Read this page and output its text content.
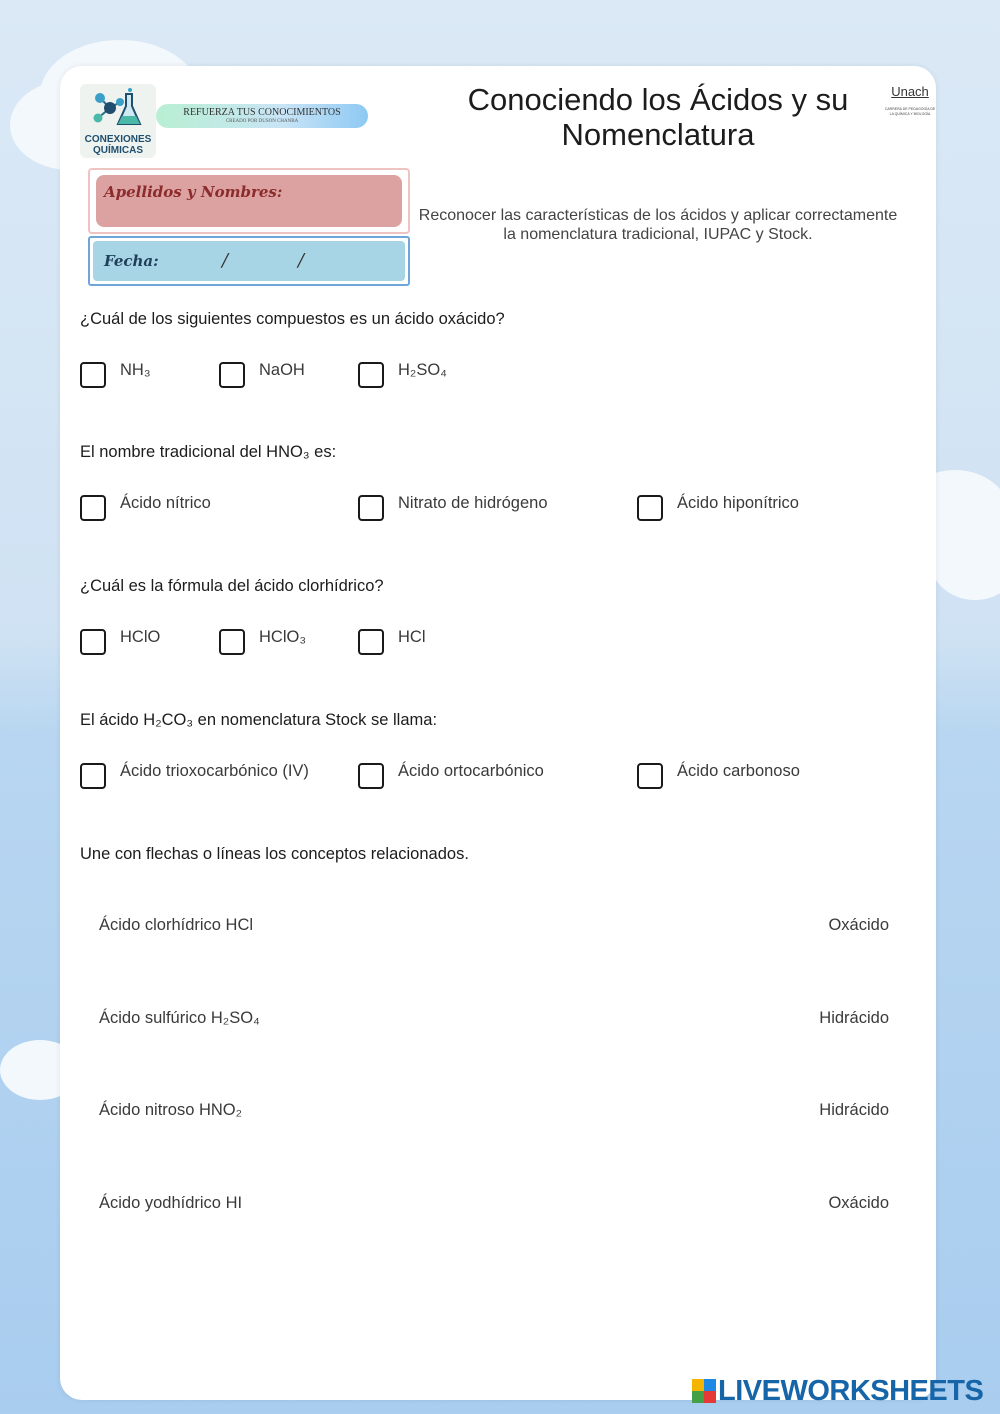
CONEXIONES QUÍMICAS
REFUERZA TUS CONOCIMIENTOS
CREADO POR DUSON CHANBA
Conociendo los Ácidos y su Nomenclatura
Unach
CARRERA DE PEDAGOGÍA DE LA QUÍMICA Y BIOLOGÍA
Apellidos y Nombres:
Fecha:	/	/
Reconocer las características de los ácidos y aplicar correctamente la nomenclatura tradicional, IUPAC y Stock.
¿Cuál de los siguientes compuestos es un ácido oxácido?
NH₃	NaOH	H₂SO₄
El nombre tradicional del HNO₃ es:
Ácido nítrico	Nitrato de hidrógeno	Ácido hiponítrico
¿Cuál es la fórmula del ácido clorhídrico?
HClO	HClO₃	HCl
El ácido H₂CO₃ en nomenclatura Stock se llama:
Ácido trioxocarbónico (IV)	Ácido ortocarbónico	Ácido carbonoso
Une con flechas o líneas los conceptos relacionados.
Ácido clorhídrico HCl	Oxácido
Ácido sulfúrico H₂SO₄	Hidrácido
Ácido nitroso HNO₂	Hidrácido
Ácido yodhídrico HI	Oxácido
LIVEWORKSHEETS
